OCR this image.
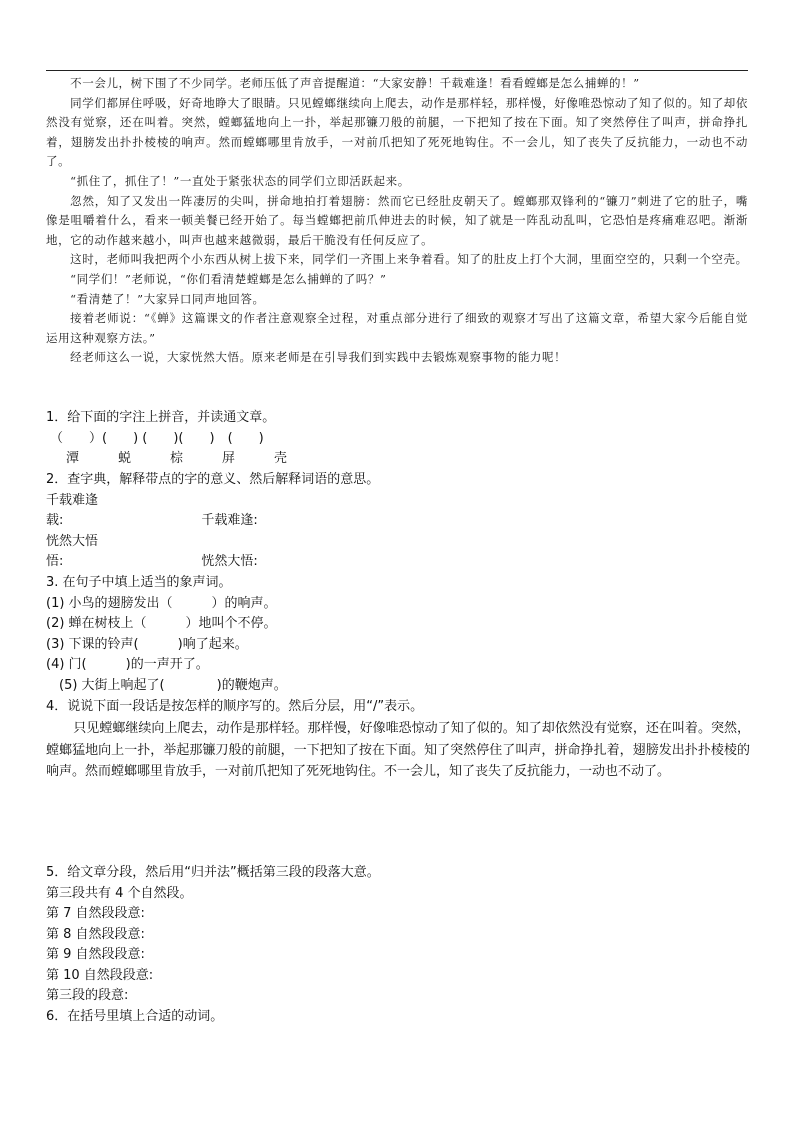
不一会儿，树下围了不少同学。老师压低了声音提醒道：“大家安静！千载难逢！看看螳螂是怎么捕蝉的！”

同学们都屏住呼吸，好奇地睁大了眼睛。只见螳螂继续向上爬去，动作是那样轻，那样慢，好像唯恐惊动了知了似的。知了却依然没有觉察，还在叫着。突然，螳螂猛地向上一扑，举起那镰刀般的前腿，一下把知了按在下面。知了突然停住了叫声，拼命挣扎着，翅膀发出扑扑棱棱的响声。然而螳螂哪里肯放手，一对前爪把知了死死地钩住。不一会儿，知了丧失了反抗能力，一动也不动了。

“抓住了，抓住了！”一直处于紧张状态的同学们立即活跃起来。

忽然，知了又发出一阵凄厉的尖叫，拼命地拍打着翅膀：然而它已经肚皮朝天了。螳螂那双锋利的“镰刀”刺进了它的肚子，嘴像是咀嚼着什么，看来一顿美餐已经开始了。每当螳螂把前爪伸进去的时候，知了就是一阵乱动乱叫，它恐怕是疼痛难忍吧。渐渐地，它的动作越来越小，叫声也越来越微弱，最后干脆没有任何反应了。

这时，老师叫我把两个小东西从树上拔下来，同学们一齐围上来争着看。知了的肚皮上打个大洞，里面空空的，只剩一个空壳。

“同学们！”老师说，“你们看清楚螳螂是怎么捕蝉的了吗？”

“看清楚了！”大家异口同声地回答。

接着老师说：“《蝉》这篇课文的作者注意观察全过程，对重点部分进行了细致的观察才写出了这篇文章，希望大家今后能自觉运用这种观察方法。”

经老师这么一说，大家恍然大悟。原来老师是在引导我们到实践中去锻炼观察事物的能力呢！

1．给下面的字注上拼音，并读通文章。
（　　）(　　) (　　)(　　)　(　　)
潭	蜕	棕	屏	壳
2．查字典，解释带点的字的意义、然后解释词语的意思。
千载难逢
载:	千载难逢:
恍然大悟
悟:	恍然大悟:
3. 在句子中填上适当的象声词。
(1) 小鸟的翅膀发出（　　　）的响声。
(2) 蝉在树枝上（　　　）地叫个不停。
(3) 下课的铃声(　　　)响了起来。
(4) 门(　　　)的一声开了。
　(5) 大街上响起了(　　　　)的鞭炮声。
4．说说下面一段话是按怎样的顺序写的。然后分层，用“/”表示。
只见螳螂继续向上爬去，动作是那样轻。那样慢，好像唯恐惊动了知了似的。知了却依然没有觉察，还在叫着。突然，螳螂猛地向上一扑，举起那镰刀般的前腿，一下把知了按在下面。知了突然停住了叫声，拼命挣扎着，翅膀发出扑扑棱棱的响声。然而螳螂哪里肯放手，一对前爪把知了死死地钩住。不一会儿，知了丧失了反抗能力，一动也不动了。
5．给文章分段，然后用“归并法”概括第三段的段落大意。
第三段共有 4 个自然段。
第 7 自然段段意:
第 8 自然段段意:
第 9 自然段段意:
第 10 自然段段意:
第三段的段意:
6．在括号里填上合适的动词。
